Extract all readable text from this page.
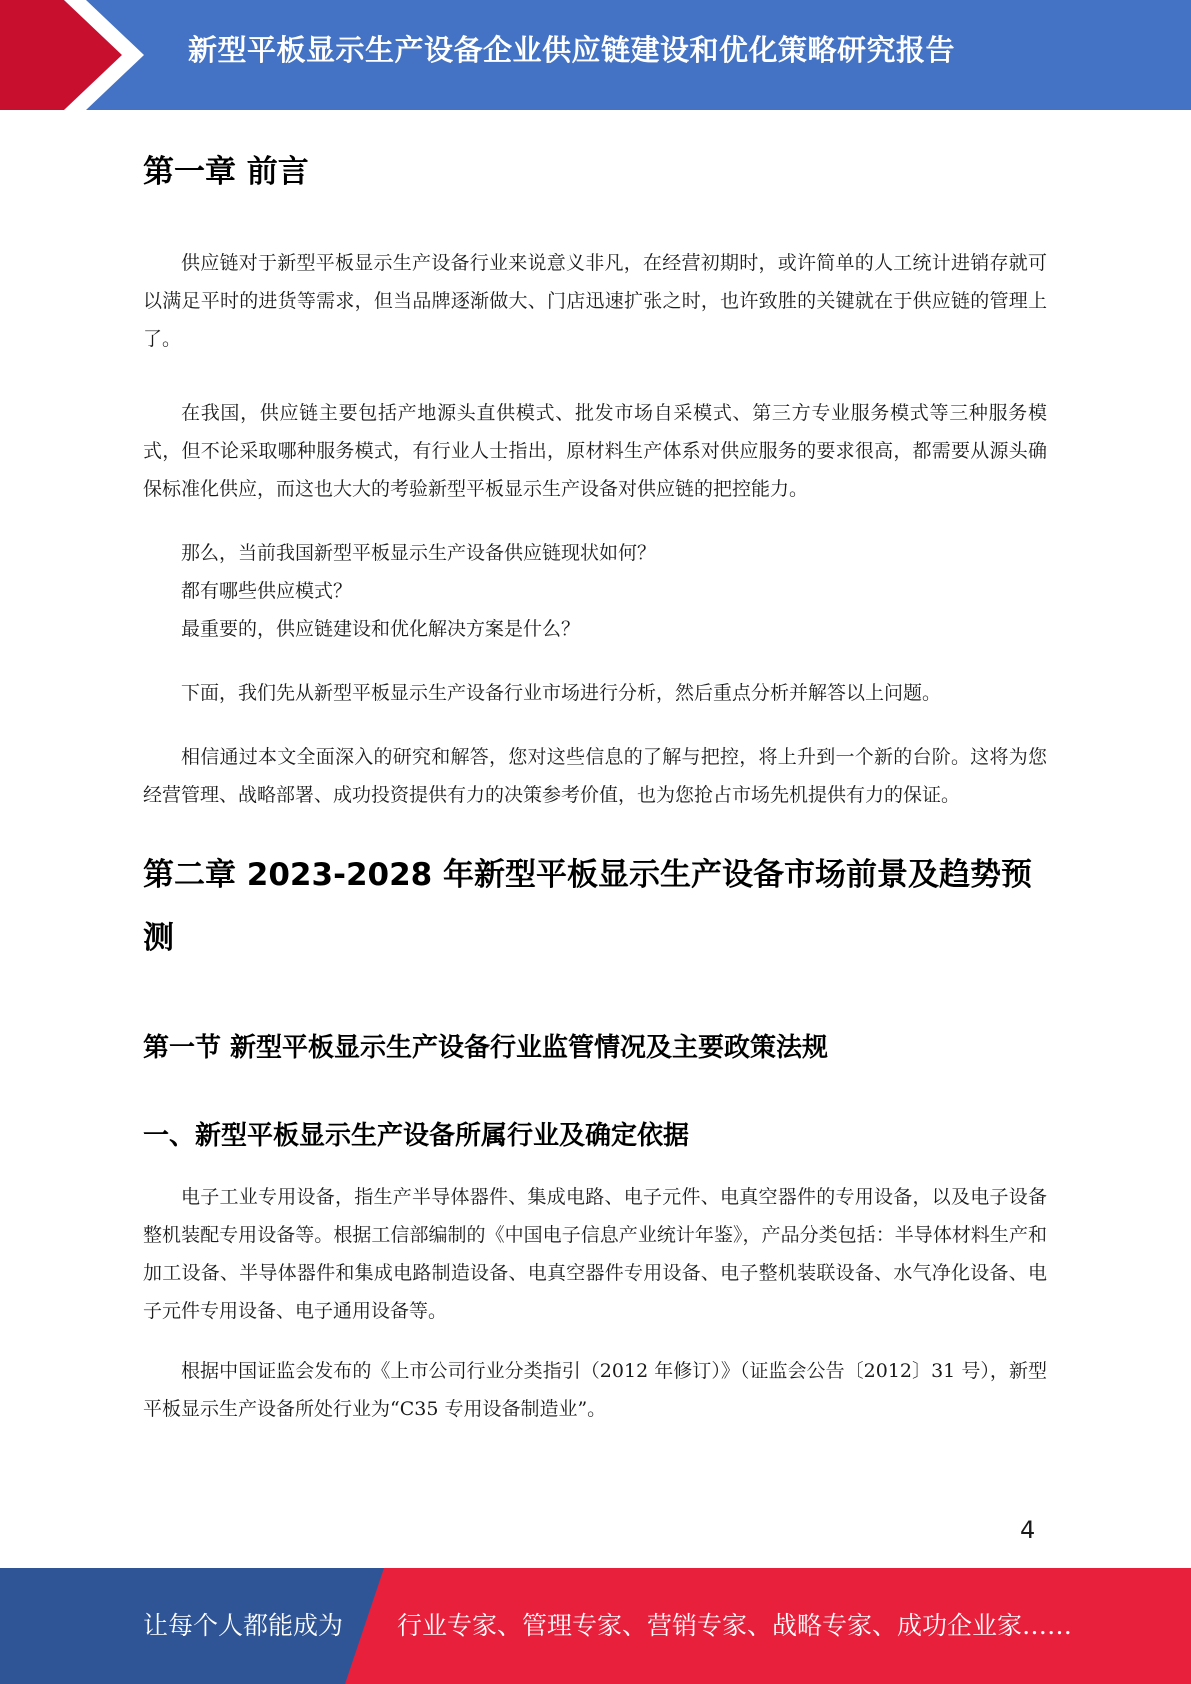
新型平板显示生产设备企业供应链建设和优化策略研究报告
第一章 前言

供应链对于新型平板显示生产设备行业来说意义非凡，在经营初期时，或许简单的人工统计进销存就可以满足平时的进货等需求，但当品牌逐渐做大、门店迅速扩张之时，也许致胜的关键就在于供应链的管理上了。

在我国，供应链主要包括产地源头直供模式、批发市场自采模式、第三方专业服务模式等三种服务模式，但不论采取哪种服务模式，有行业人士指出，原材料生产体系对供应服务的要求很高，都需要从源头确保标准化供应，而这也大大的考验新型平板显示生产设备对供应链的把控能力。

那么，当前我国新型平板显示生产设备供应链现状如何？

都有哪些供应模式？

最重要的，供应链建设和优化解决方案是什么？

下面，我们先从新型平板显示生产设备行业市场进行分析，然后重点分析并解答以上问题。

相信通过本文全面深入的研究和解答，您对这些信息的了解与把控，将上升到一个新的台阶。这将为您经营管理、战略部署、成功投资提供有力的决策参考价值，也为您抢占市场先机提供有力的保证。

第二章 2023-2028 年新型平板显示生产设备市场前景及趋势预测
第一节 新型平板显示生产设备行业监管情况及主要政策法规
一、新型平板显示生产设备所属行业及确定依据

电子工业专用设备，指生产半导体器件、集成电路、电子元件、电真空器件的专用设备，以及电子设备整机装配专用设备等。根据工信部编制的《中国电子信息产业统计年鉴》，产品分类包括：半导体材料生产和加工设备、半导体器件和集成电路制造设备、电真空器件专用设备、电子整机装联设备、水气净化设备、电子元件专用设备、电子通用设备等。

根据中国证监会发布的《上市公司行业分类指引（2012 年修订）》（证监会公告〔2012〕31 号），新型平板显示生产设备所处行业为“C35 专用设备制造业”。

4
让每个人都能成为 行业专家、管理专家、营销专家、战略专家、成功企业家……
